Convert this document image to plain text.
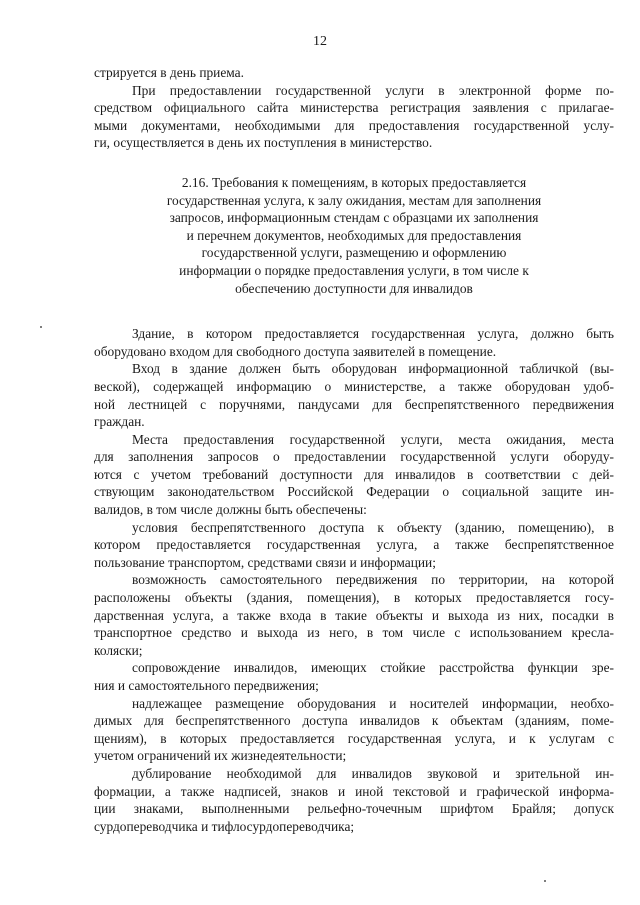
12
стрируется в день приема.
При предоставлении государственной услуги в электронной форме по-
средством официального сайта министерства регистрация заявления с прилагае-
мыми документами, необходимыми для предоставления государственной услу-
ги, осуществляется в день их поступления в министерство.
2.16. Требования к помещениям, в которых предоставляется
государственная услуга, к залу ожидания, местам для заполнения
запросов, информационным стендам с образцами их заполнения
и перечнем документов, необходимых для предоставления
государственной услуги, размещению и оформлению
информации о порядке предоставления услуги, в том числе к
обеспечению доступности для инвалидов
Здание, в котором предоставляется государственная услуга, должно быть
оборудовано входом для свободного доступа заявителей в помещение.
Вход в здание должен быть оборудован информационной табличкой (вы-
веской), содержащей информацию о министерстве, а также оборудован удоб-
ной лестницей с поручнями, пандусами для беспрепятственного передвижения
граждан.
Места предоставления государственной услуги, места ожидания, места
для заполнения запросов о предоставлении государственной услуги оборуду-
ются с учетом требований доступности для инвалидов в соответствии с дей-
ствующим законодательством Российской Федерации о социальной защите ин-
валидов, в том числе должны быть обеспечены:
условия беспрепятственного доступа к объекту (зданию, помещению), в
котором предоставляется государственная услуга, а также беспрепятственное
пользование транспортом, средствами связи и информации;
возможность самостоятельного передвижения по территории, на которой
расположены объекты (здания, помещения), в которых предоставляется госу-
дарственная услуга, а также входа в такие объекты и выхода из них, посадки в
транспортное средство и выхода из него, в том числе с использованием кресла-
коляски;
сопровождение инвалидов, имеющих стойкие расстройства функции зре-
ния и самостоятельного передвижения;
надлежащее размещение оборудования и носителей информации, необхо-
димых для беспрепятственного доступа инвалидов к объектам (зданиям, поме-
щениям), в которых предоставляется государственная услуга, и к услугам с
учетом ограничений их жизнедеятельности;
дублирование необходимой для инвалидов звуковой и зрительной ин-
формации, а также надписей, знаков и иной текстовой и графической информа-
ции знаками, выполненными рельефно-точечным шрифтом Брайля; допуск
сурдопереводчика и тифлосурдопереводчика;
